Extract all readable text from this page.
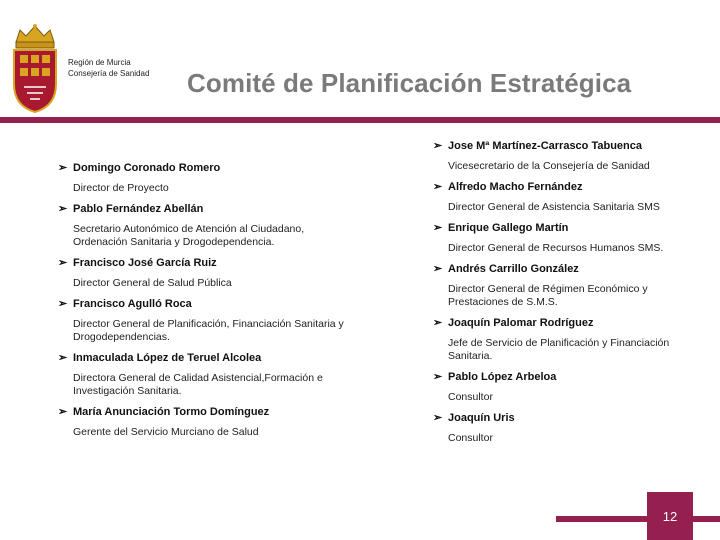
Región de Murcia
Consejería de Sanidad Comité de Planificación Estratégica
➢ Domingo Coronado Romero
Director de Proyecto
➢ Pablo Fernández Abellán
Secretario Autonómico de Atención al Ciudadano, Ordenación Sanitaria y Drogodependencia.
➢ Francisco José García Ruiz
Director General de Salud Pública
➢ Francisco Agulló Roca
Director General de Planificación, Financiación Sanitaria y Drogodependencias.
➢ Inmaculada López de Teruel Alcolea
Directora General de Calidad Asistencial,Formación e Investigación Sanitaria.
➢ María Anunciación Tormo Domínguez
Gerente del Servicio Murciano de Salud
➢ Jose Mª Martínez-Carrasco Tabuenca
Vicesecretario de la Consejería de Sanidad
➢ Alfredo Macho Fernández
Director General de Asistencia Sanitaria SMS
➢ Enrique Gallego Martín
Director General de Recursos Humanos SMS.
➢ Andrés Carrillo González
Director General de Régimen Económico y Prestaciones de S.M.S.
➢ Joaquín Palomar Rodríguez
Jefe de Servicio de Planificación y Financiación Sanitaria.
➢ Pablo López Arbeloa
Consultor
➢ Joaquín Uris
Consultor
12
